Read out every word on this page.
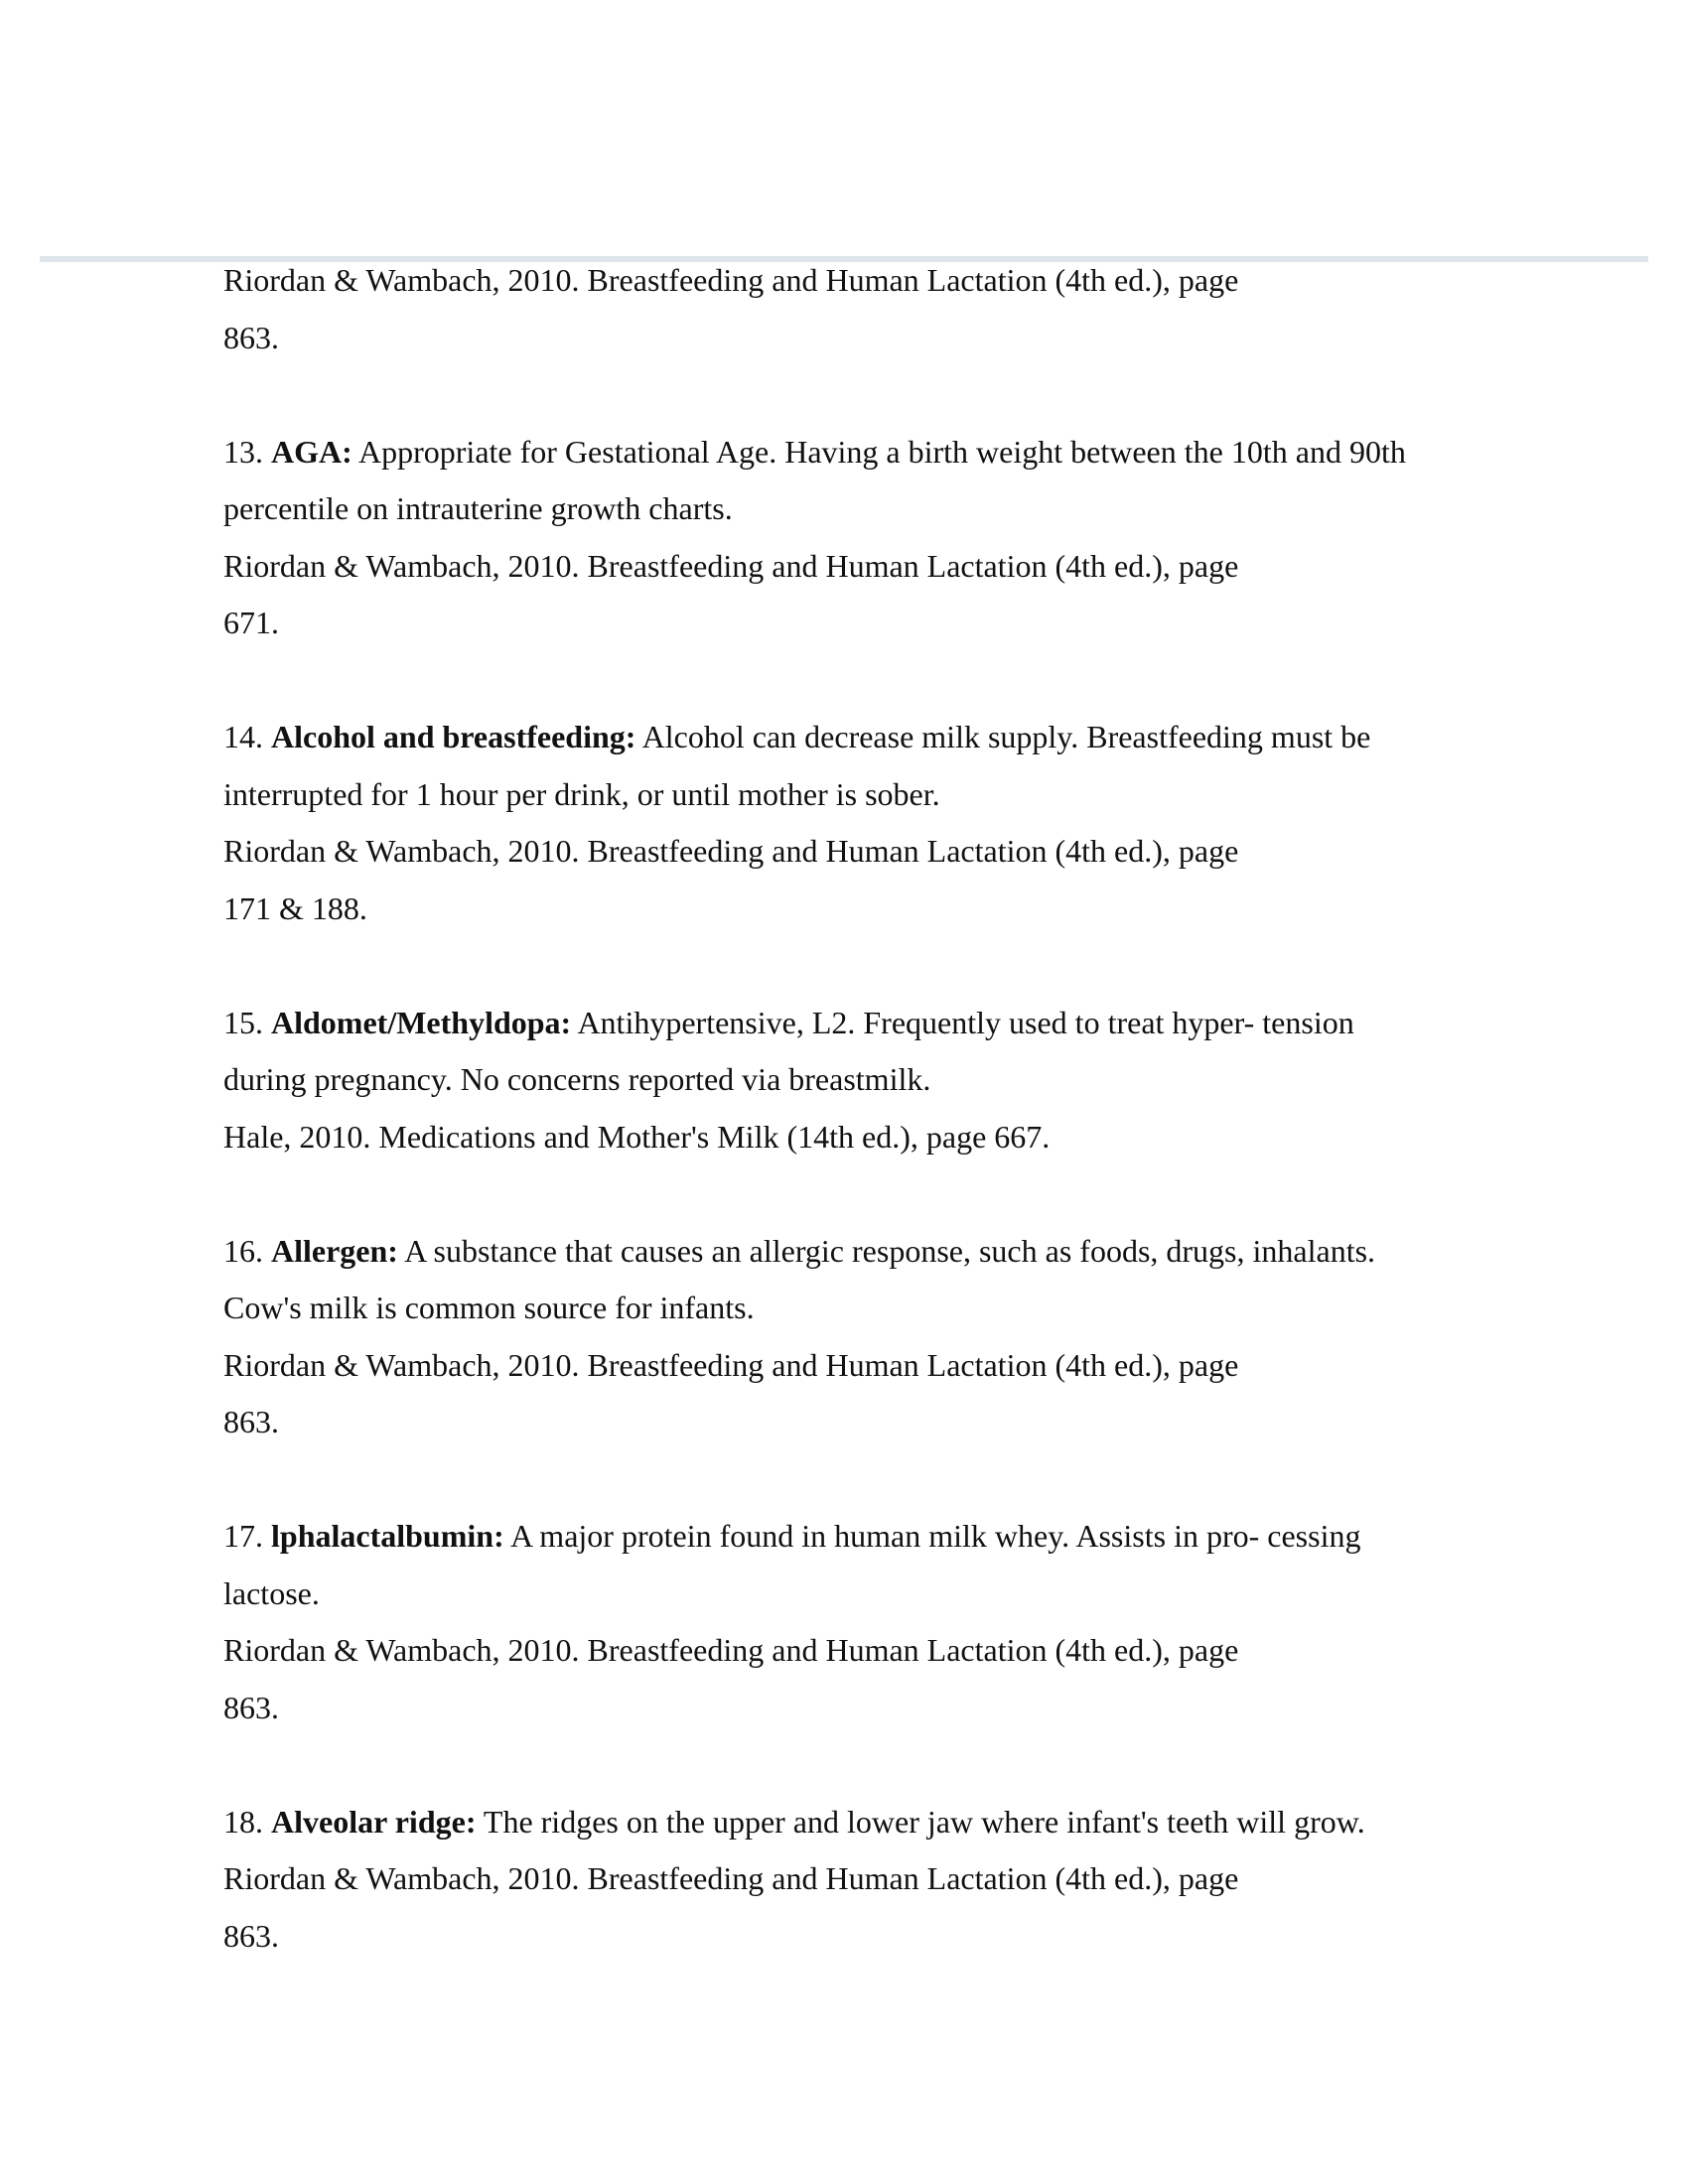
Riordan & Wambach, 2010. Breastfeeding and Human Lactation (4th ed.), page
863.
13. AGA: Appropriate for Gestational Age. Having a birth weight between the 10th and 90th
percentile on intrauterine growth charts.
Riordan & Wambach, 2010. Breastfeeding and Human Lactation (4th ed.), page
671.
14. Alcohol and breastfeeding: Alcohol can decrease milk supply. Breastfeeding must be
interrupted for 1 hour per drink, or until mother is sober.
Riordan & Wambach, 2010. Breastfeeding and Human Lactation (4th ed.), page
171 & 188.
15. Aldomet/Methyldopa: Antihypertensive, L2. Frequently used to treat hyper- tension
during pregnancy. No concerns reported via breastmilk.
Hale, 2010. Medications and Mother's Milk (14th ed.), page 667.
16. Allergen: A substance that causes an allergic response, such as foods, drugs, inhalants.
Cow's milk is common source for infants.
Riordan & Wambach, 2010. Breastfeeding and Human Lactation (4th ed.), page
863.
17. lphalactalbumin: A major protein found in human milk whey. Assists in pro- cessing
lactose.
Riordan & Wambach, 2010. Breastfeeding and Human Lactation (4th ed.), page
863.
18. Alveolar ridge: The ridges on the upper and lower jaw where infant's teeth will grow.
Riordan & Wambach, 2010. Breastfeeding and Human Lactation (4th ed.), page
863.
